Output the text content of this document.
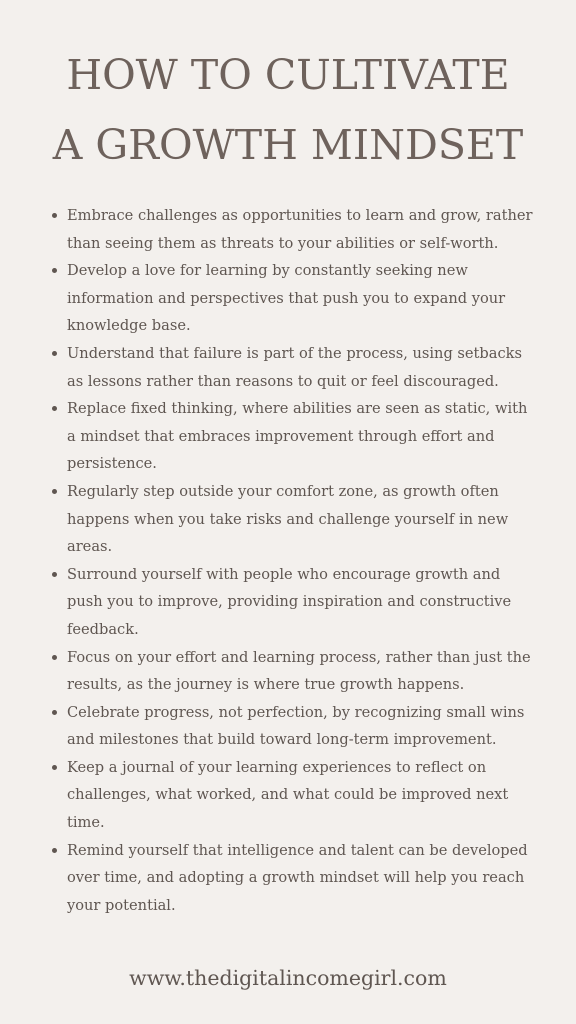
HOW TO CULTIVATE
A GROWTH MINDSET
Embrace challenges as opportunities to learn and grow, rather than seeing them as threats to your abilities or self-worth.
Develop a love for learning by constantly seeking new information and perspectives that push you to expand your knowledge base.
Understand that failure is part of the process, using setbacks as lessons rather than reasons to quit or feel discouraged.
Replace fixed thinking, where abilities are seen as static, with a mindset that embraces improvement through effort and persistence.
Regularly step outside your comfort zone, as growth often happens when you take risks and challenge yourself in new areas.
Surround yourself with people who encourage growth and push you to improve, providing inspiration and constructive feedback.
Focus on your effort and learning process, rather than just the results, as the journey is where true growth happens.
Celebrate progress, not perfection, by recognizing small wins and milestones that build toward long-term improvement.
Keep a journal of your learning experiences to reflect on challenges, what worked, and what could be improved next time.
Remind yourself that intelligence and talent can be developed over time, and adopting a growth mindset will help you reach your potential.
www.thedigitalincomegirl.com
